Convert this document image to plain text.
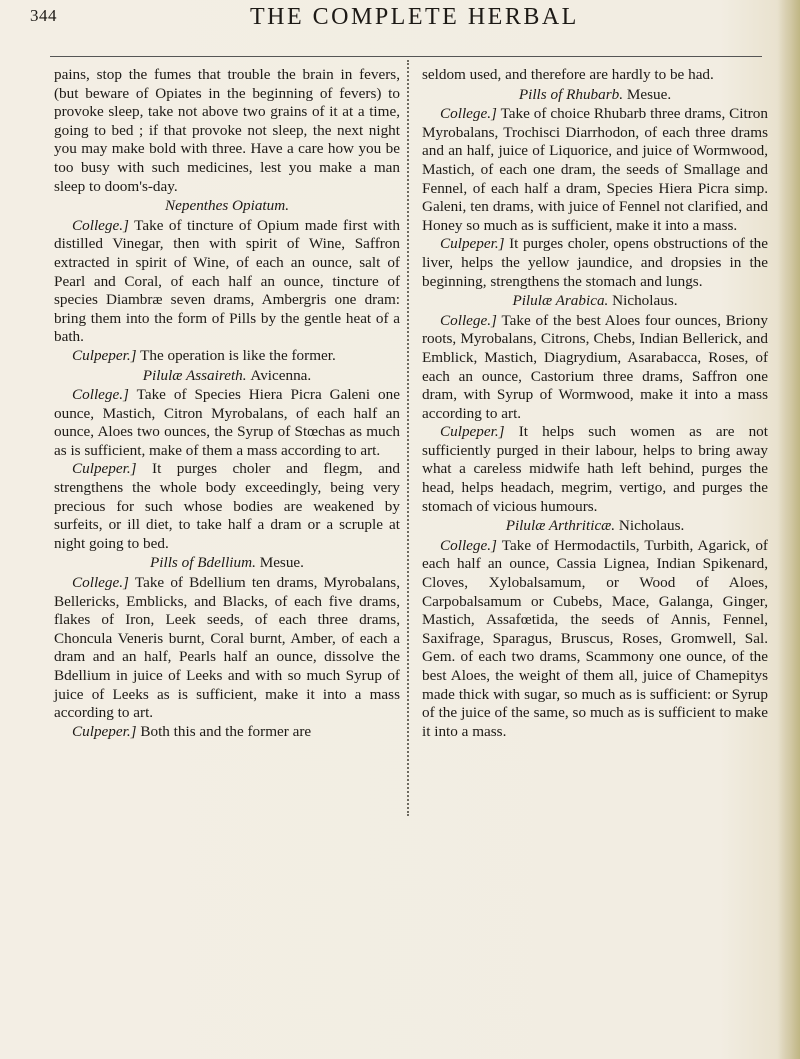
344	THE COMPLETE HERBAL

pains, stop the fumes that trouble the brain in fevers, (but beware of Opiates in the beginning of fevers) to provoke sleep, take not above two grains of it at a time, going to bed ; if that provoke not sleep, the next night you may make bold with three. Have a care how you be too busy with such medicines, lest you make a man sleep to doom's-day.

Nepenthes Opiatum.

College.] Take of tincture of Opium made first with distilled Vinegar, then with spirit of Wine, Saffron extracted in spirit of Wine, of each an ounce, salt of Pearl and Coral, of each half an ounce, tincture of species Diambræ seven drams, Ambergris one dram: bring them into the form of Pills by the gentle heat of a bath.

Culpeper.] The operation is like the former.

Pilulæ Assaireth. Avicenna.

College.] Take of Species Hiera Picra Galeni one ounce, Mastich, Citron Myrobalans, of each half an ounce, Aloes two ounces, the Syrup of Stœchas as much as is sufficient, make of them a mass according to art.

Culpeper.] It purges choler and flegm, and strengthens the whole body exceedingly, being very precious for such whose bodies are weakened by surfeits, or ill diet, to take half a dram or a scruple at night going to bed.

Pills of Bdellium. Mesue.

College.] Take of Bdellium ten drams, Myrobalans, Bellericks, Emblicks, and Blacks, of each five drams, flakes of Iron, Leek seeds, of each three drams, Choncula Veneris burnt, Coral burnt, Amber, of each a dram and an half, Pearls half an ounce, dissolve the Bdellium in juice of Leeks and with so much Syrup of juice of Leeks as is sufficient, make it into a mass according to art.

Culpeper.] Both this and the former are

seldom used, and therefore are hardly to be had.

Pills of Rhubarb. Mesue.

College.] Take of choice Rhubarb three drams, Citron Myrobalans, Trochisci Diarrhodon, of each three drams and an half, juice of Liquorice, and juice of Wormwood, Mastich, of each one dram, the seeds of Smallage and Fennel, of each half a dram, Species Hiera Picra simp. Galeni, ten drams, with juice of Fennel not clarified, and Honey so much as is sufficient, make it into a mass.

Culpeper.] It purges choler, opens obstructions of the liver, helps the yellow jaundice, and dropsies in the beginning, strengthens the stomach and lungs.

Pilulæ Arabica. Nicholaus.

College.] Take of the best Aloes four ounces, Briony roots, Myrobalans, Citrons, Chebs, Indian Bellerick, and Emblick, Mastich, Diagrydium, Asarabacca, Roses, of each an ounce, Castorium three drams, Saffron one dram, with Syrup of Wormwood, make it into a mass according to art.

Culpeper.] It helps such women as are not sufficiently purged in their labour, helps to bring away what a careless midwife hath left behind, purges the head, helps headach, megrim, vertigo, and purges the stomach of vicious humours.

Pilulæ Arthriticæ. Nicholaus.

College.] Take of Hermodactils, Turbith, Agarick, of each half an ounce, Cassia Lignea, Indian Spikenard, Cloves, Xylobalsamum, or Wood of Aloes, Carpobalsamum or Cubebs, Mace, Galanga, Ginger, Mastich, Assafœtida, the seeds of Annis, Fennel, Saxifrage, Sparagus, Bruscus, Roses, Gromwell, Sal. Gem. of each two drams, Scammony one ounce, of the best Aloes, the weight of them all, juice of Chamepitys made thick with sugar, so much as is sufficient: or Syrup of the juice of the same, so much as is sufficient to make it into a mass.
